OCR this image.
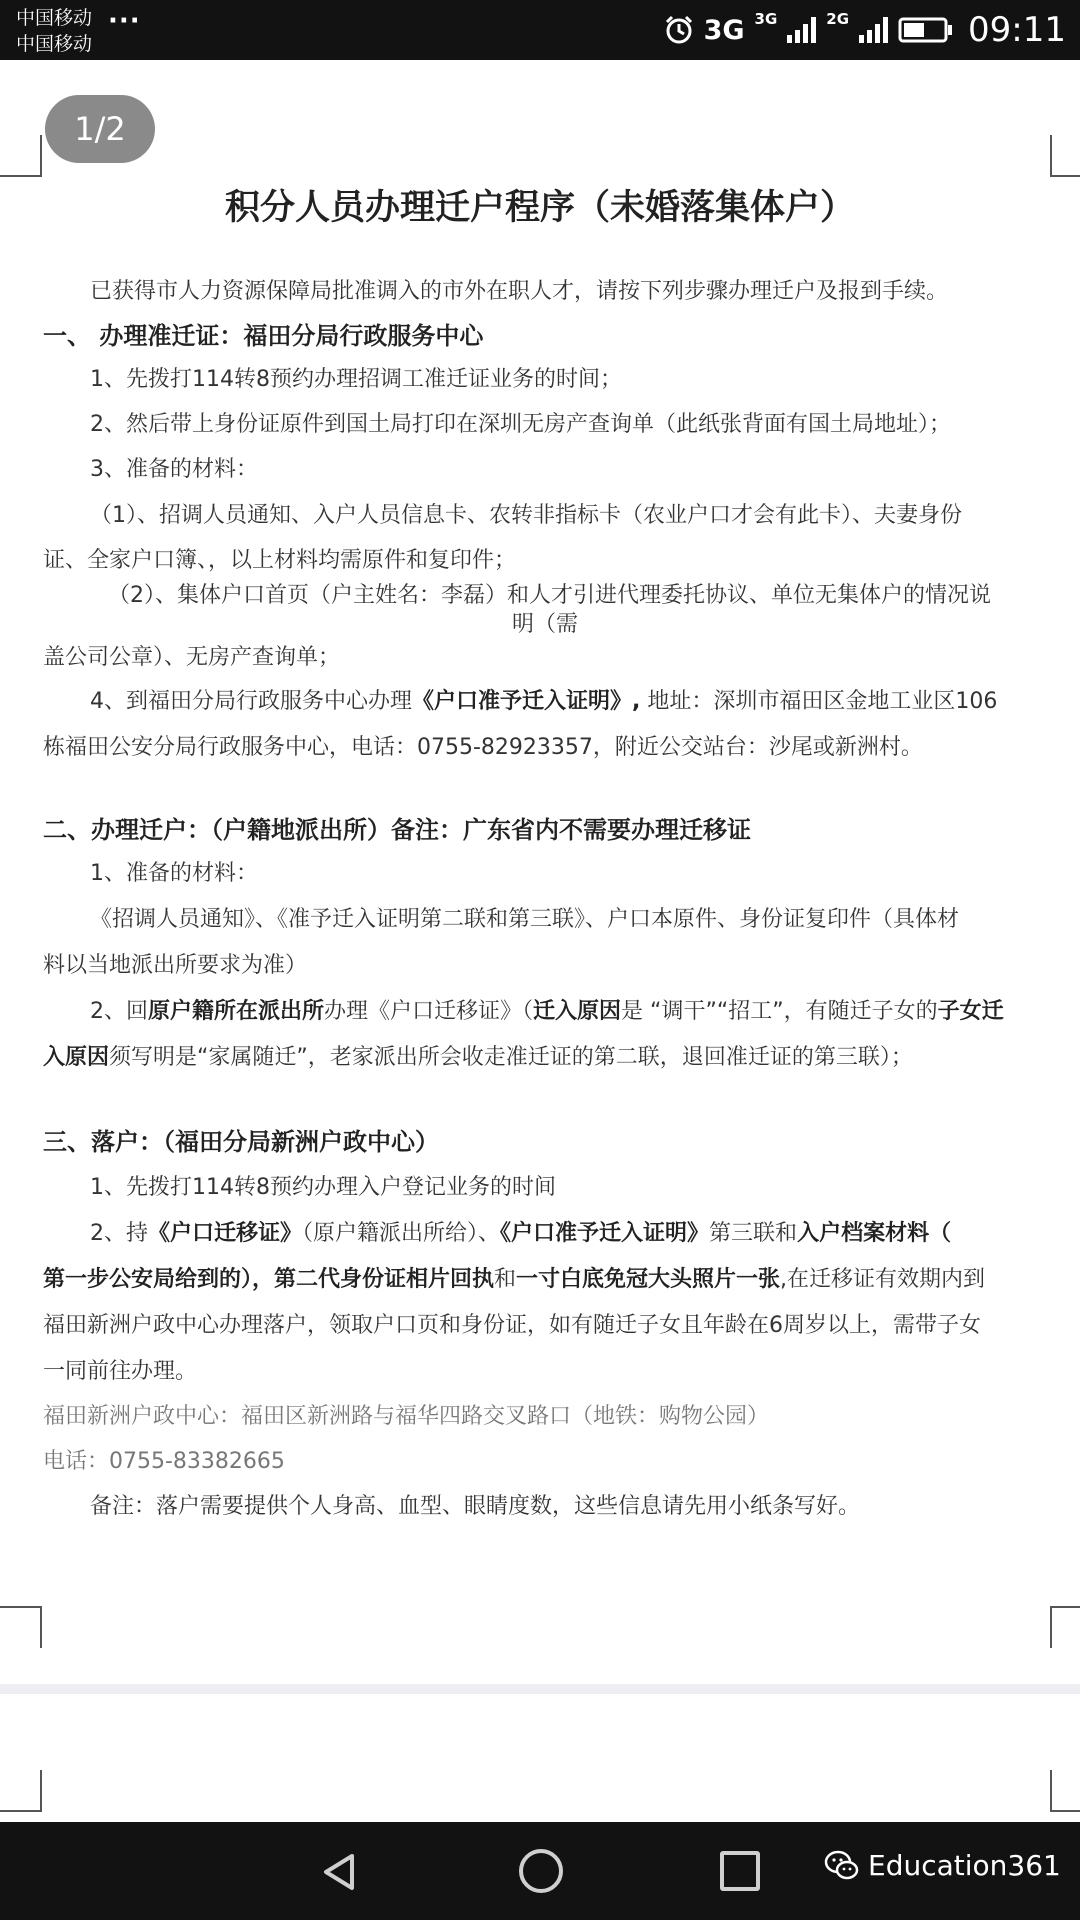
中国移动
中国移动
···	3G 3G	2G	09:11
1/2
积分人员办理迁户程序（未婚落集体户）
已获得市人力资源保障局批准调入的市外在职人才，请按下列步骤办理迁户及报到手续。
一、 办理准迁证：福田分局行政服务中心
1、先拨打114转8预约办理招调工准迁证业务的时间；
2、然后带上身份证原件到国土局打印在深圳无房产查询单（此纸张背面有国土局地址）；
3、准备的材料：
（1）、招调人员通知、入户人员信息卡、农转非指标卡（农业户口才会有此卡）、夫妻身份
证、全家户口簿、，以上材料均需原件和复印件；
（2）、集体户口首页（户主姓名：李磊）和人才引进代理委托协议、单位无集体户的情况说
明（需
盖公司公章）、无房产查询单；
4、到福田分局行政服务中心办理《户口准予迁入证明》, 地址：深圳市福田区金地工业区106
栋福田公安分局行政服务中心，电话：0755-82923357，附近公交站台：沙尾或新洲村。
二、办理迁户：（户籍地派出所）备注：广东省内不需要办理迁移证
1、准备的材料：
《招调人员通知》、《准予迁入证明第二联和第三联》、户口本原件、身份证复印件（具体材
料以当地派出所要求为准）
2、回原户籍所在派出所办理《户口迁移证》（迁入原因是 “调干”“招工”，有随迁子女的子女迁
入原因须写明是“家属随迁”，老家派出所会收走准迁证的第二联，退回准迁证的第三联）；
三、落户：（福田分局新洲户政中心）
1、先拨打114转8预约办理入户登记业务的时间
2、持《户口迁移证》（原户籍派出所给）、《户口准予迁入证明》第三联和入户档案材料（
第一步公安局给到的），第二代身份证相片回执和一寸白底免冠大头照片一张,在迁移证有效期内到
福田新洲户政中心办理落户，领取户口页和身份证，如有随迁子女且年龄在6周岁以上，需带子女
一同前往办理。
福田新洲户政中心：福田区新洲路与福华四路交叉路口（地铁：购物公园）
电话：0755-83382665
备注：落户需要提供个人身高、血型、眼睛度数，这些信息请先用小纸条写好。
Education361
